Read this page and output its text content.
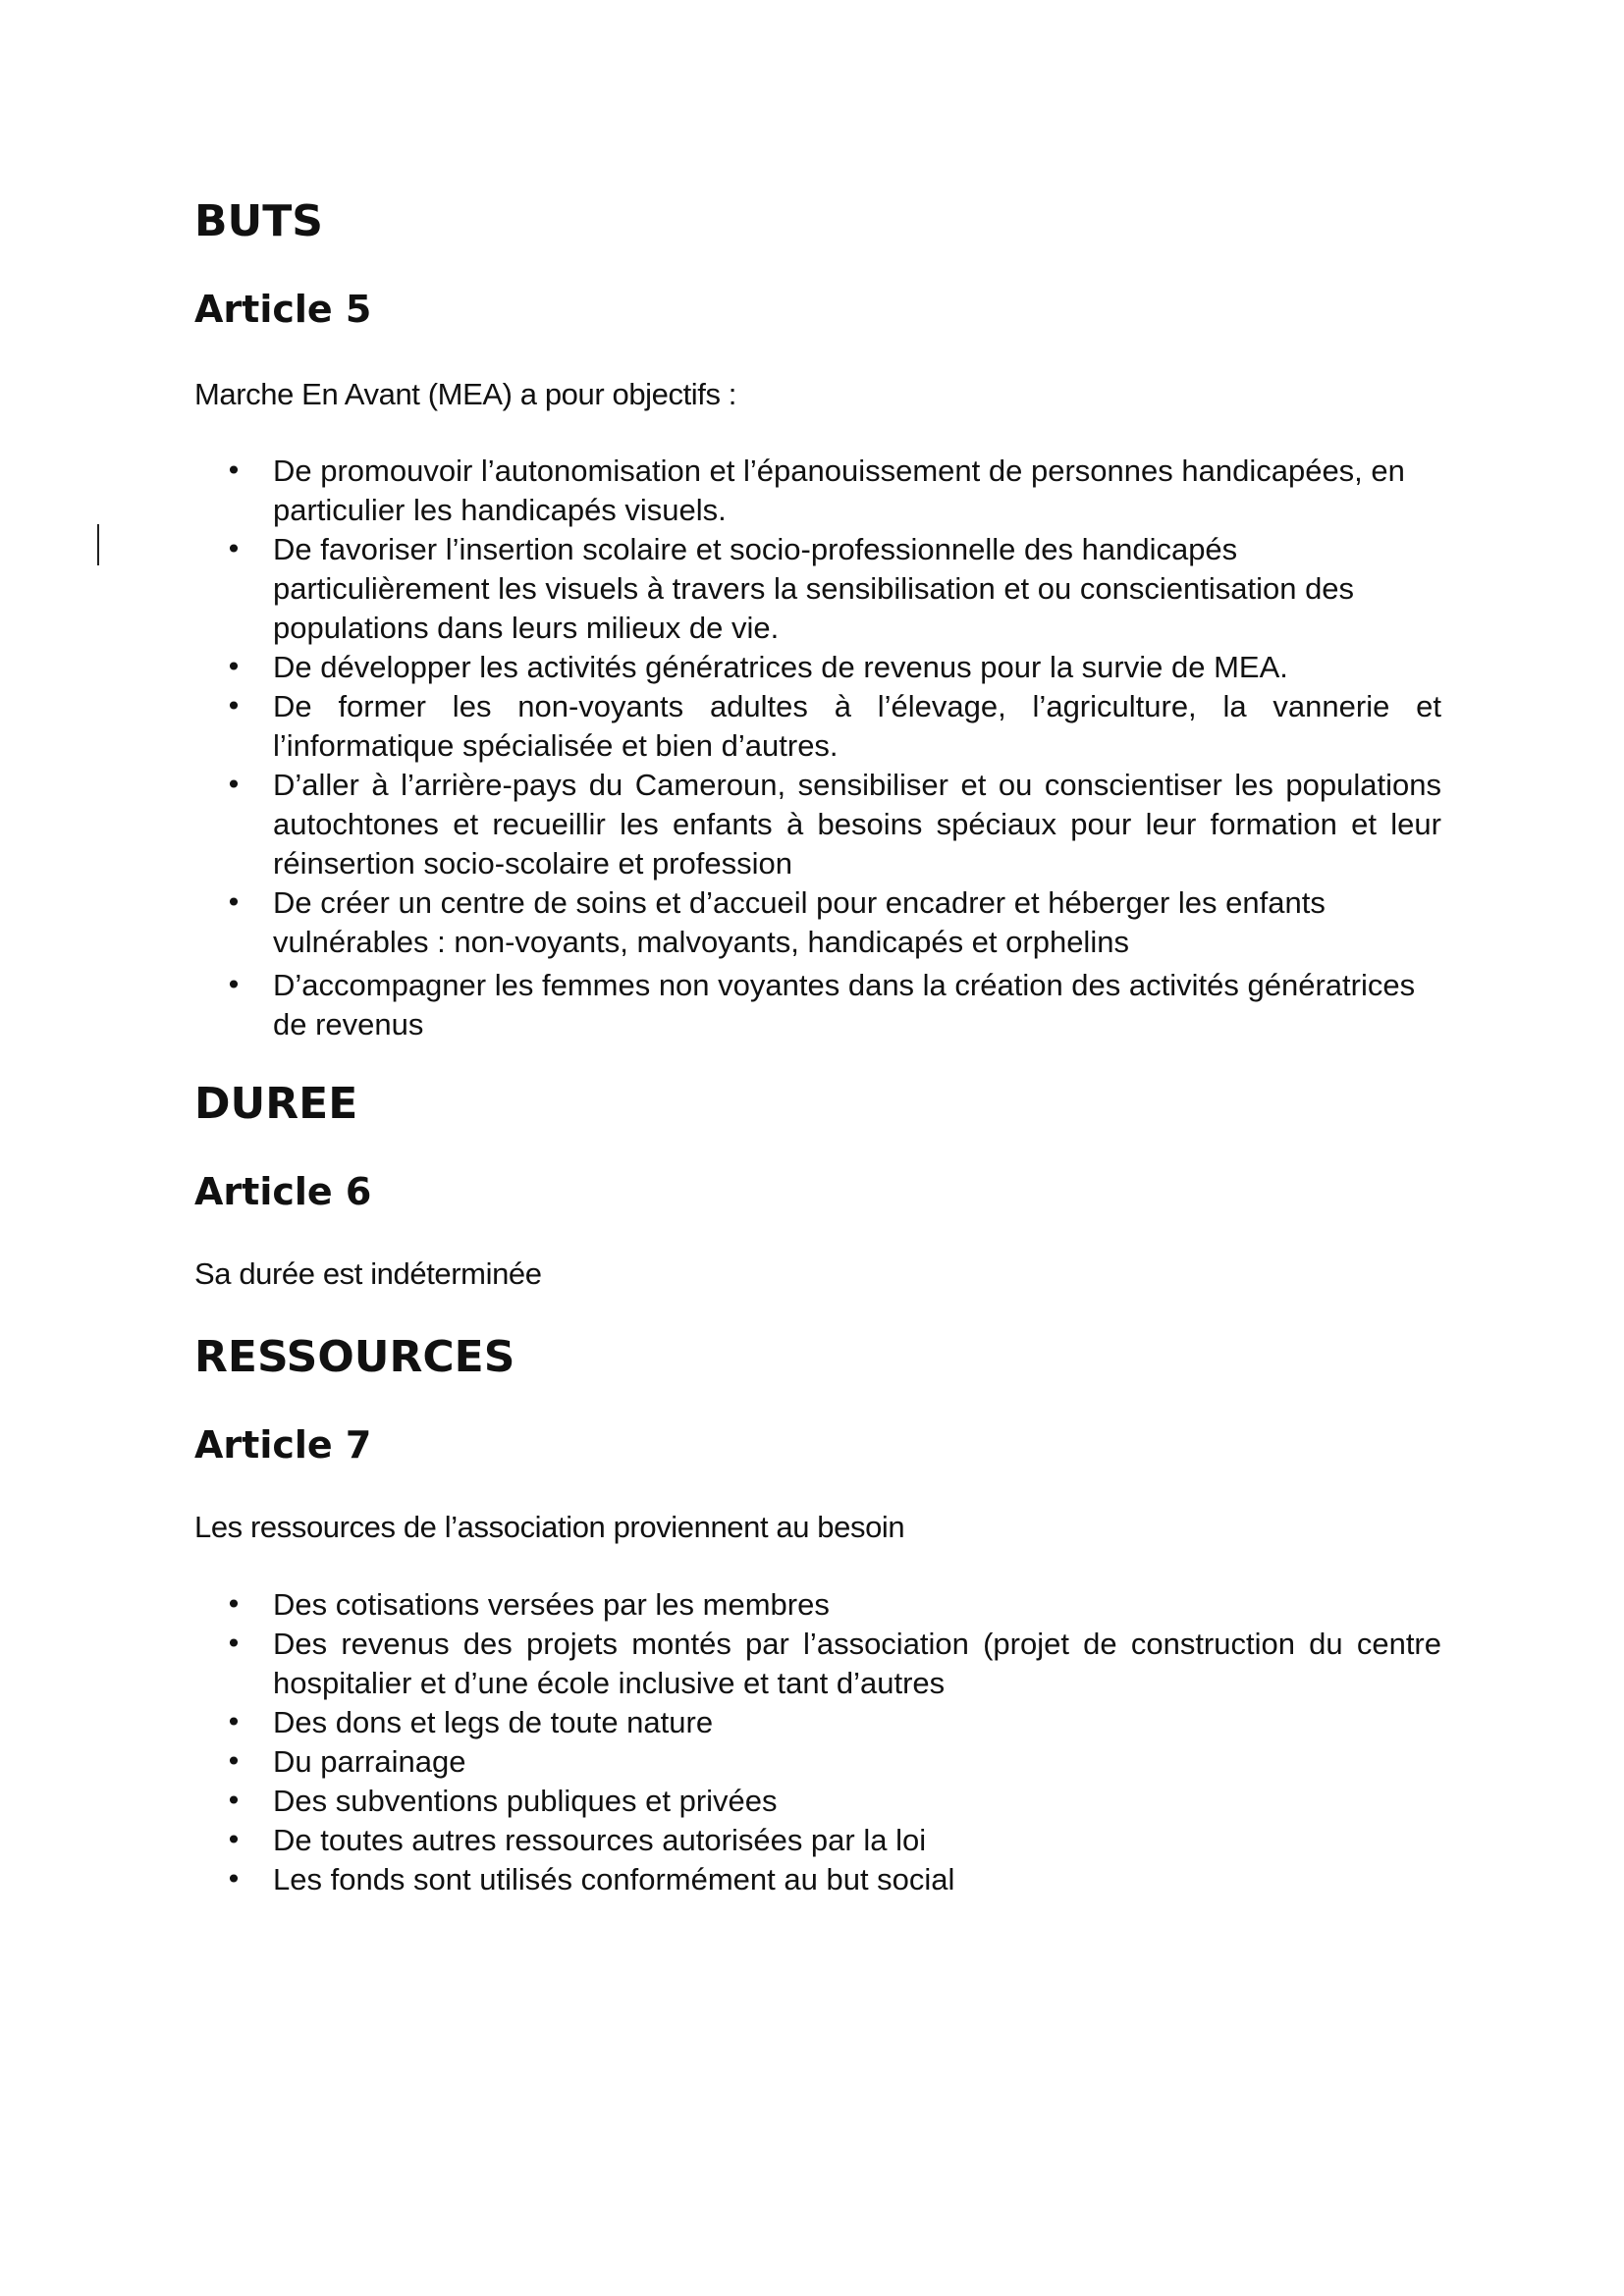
BUTS
Article 5

Marche En Avant (MEA) a pour objectifs :

• De promouvoir l’autonomisation et l’épanouissement de personnes handicapées, en particulier les handicapés visuels.
• De favoriser l’insertion scolaire et socio-professionnelle des handicapés particulièrement les visuels à travers la sensibilisation et ou conscientisation des populations dans leurs milieux de vie.
• De développer les activités génératrices de revenus pour la survie de MEA.
• De former les non-voyants adultes à l’élevage, l’agriculture, la vannerie et l’informatique spécialisée et bien d’autres.
• D’aller à l’arrière-pays du Cameroun, sensibiliser et ou conscientiser les populations autochtones et recueillir les enfants à besoins spéciaux pour leur formation et leur réinsertion socio-scolaire et profession
• De créer un centre de soins et d’accueil pour encadrer et héberger les enfants vulnérables : non-voyants, malvoyants, handicapés et orphelins
• D’accompagner les femmes non voyantes dans la création des activités génératrices de revenus
DUREE
Article 6

Sa durée est indéterminée

RESSOURCES
Article 7

Les ressources de l’association proviennent au besoin

• Des cotisations versées par les membres
• Des revenus des projets montés par l’association (projet de construction du centre hospitalier et d’une école inclusive et tant d’autres
• Des dons et legs de toute nature
• Du parrainage
• Des subventions publiques et privées
• De toutes autres ressources autorisées par la loi
• Les fonds sont utilisés conformément au but social
